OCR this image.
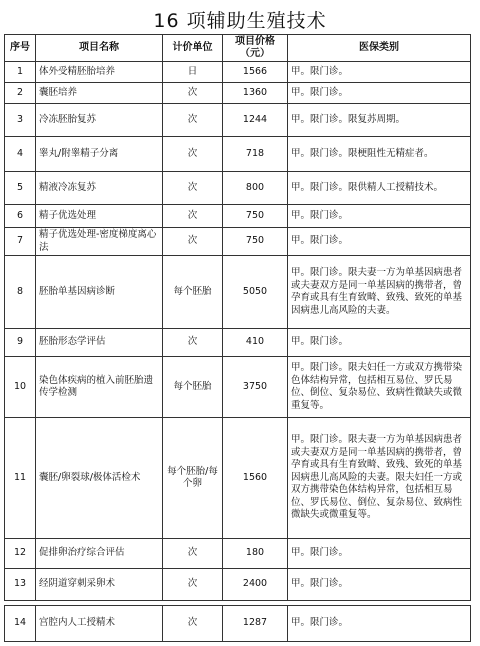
16 项辅助生殖技术
序号	项目名称	计价单位	项目价格（元）	医保类别
1	体外受精胚胎培养	日	1566	甲。限门诊。
2	囊胚培养	次	1360	甲。限门诊。
3	冷冻胚胎复苏	次	1244	甲。限门诊。限复苏周期。
4	睾丸/附睾精子分离	次	718	甲。限门诊。限梗阻性无精症者。
5	精液冷冻复苏	次	800	甲。限门诊。限供精人工授精技术。
6	精子优选处理	次	750	甲。限门诊。
7	精子优选处理-密度梯度离心法	次	750	甲。限门诊。
8	胚胎单基因病诊断	每个胚胎	5050	甲。限门诊。限夫妻一方为单基因病患者或夫妻双方是同一单基因病的携带者，曾孕育或具有生育致畸、致残、致死的单基因病患儿高风险的夫妻。
9	胚胎形态学评估	次	410	甲。限门诊。
10	染色体疾病的植入前胚胎遗传学检测	每个胚胎	3750	甲。限门诊。限夫妇任一方或双方携带染色体结构异常，包括相互易位、罗氏易位、倒位、复杂易位、致病性微缺失或微重复等。
11	囊胚/卵裂球/极体活检术	每个胚胎/每个卵	1560	甲。限门诊。限夫妻一方为单基因病患者或夫妻双方是同一单基因病的携带者，曾孕育或具有生育致畸、致残、致死的单基因病患儿高风险的夫妻。限夫妇任一方或双方携带染色体结构异常，包括相互易位、罗氏易位、倒位、复杂易位、致病性微缺失或微重复等。
12	促排卵治疗综合评估	次	180	甲。限门诊。
13	经阴道穿刺采卵术	次	2400	甲。限门诊。
14	宫腔内人工授精术	次	1287	甲。限门诊。
